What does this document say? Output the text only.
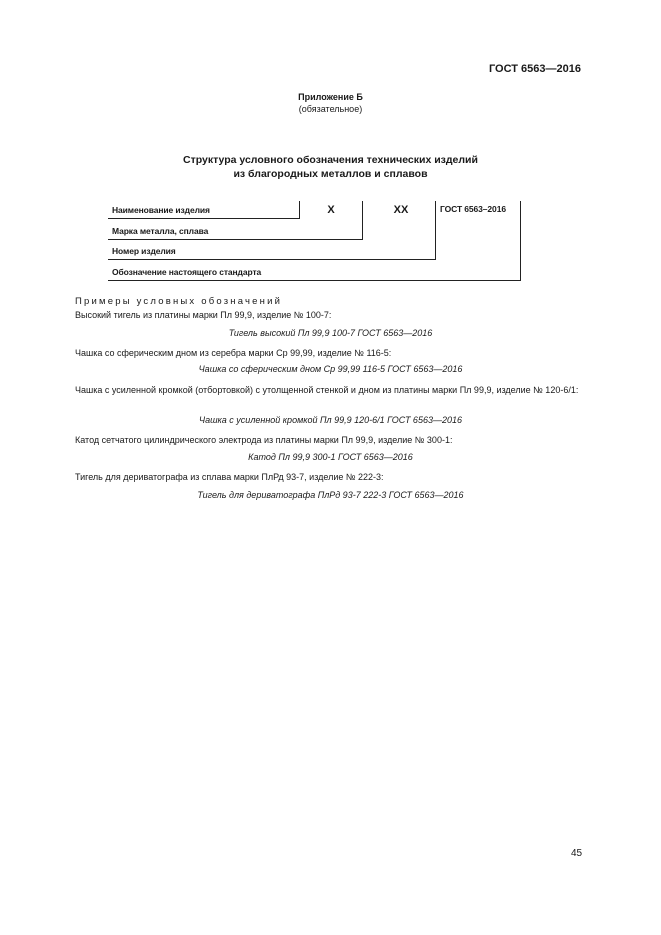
ГОСТ 6563—2016
Приложение Б
(обязательное)
Структура условного обозначения технических изделий
из благородных металлов и сплавов
Наименование изделия
Марка металла, сплава
Номер изделия
Обозначение настоящего стандарта
X	XX	ГОСТ 6563–2016
Примеры условных обозначений
Высокий тигель из платины марки Пл 99,9, изделие № 100-7:
Тигель высокий Пл 99,9 100-7 ГОСТ 6563—2016
Чашка со сферическим дном из серебра марки Ср 99,99, изделие № 116-5:
Чашка со сферическим дном Ср 99,99 116-5 ГОСТ 6563—2016
Чашка с усиленной кромкой (отбортовкой) с утолщенной стенкой и дном из платины марки Пл 99,9, изделие № 120-6/1:
Чашка с усиленной кромкой Пл 99,9 120-6/1 ГОСТ 6563—2016
Катод сетчатого цилиндрического электрода из платины марки Пл 99,9, изделие № 300-1:
Катод Пл 99,9 300-1 ГОСТ 6563—2016
Тигель для дериватографа из сплава марки ПлРд 93-7, изделие № 222-3:
Тигель для дериватографа ПлРд 93-7 222-3 ГОСТ 6563—2016
45
